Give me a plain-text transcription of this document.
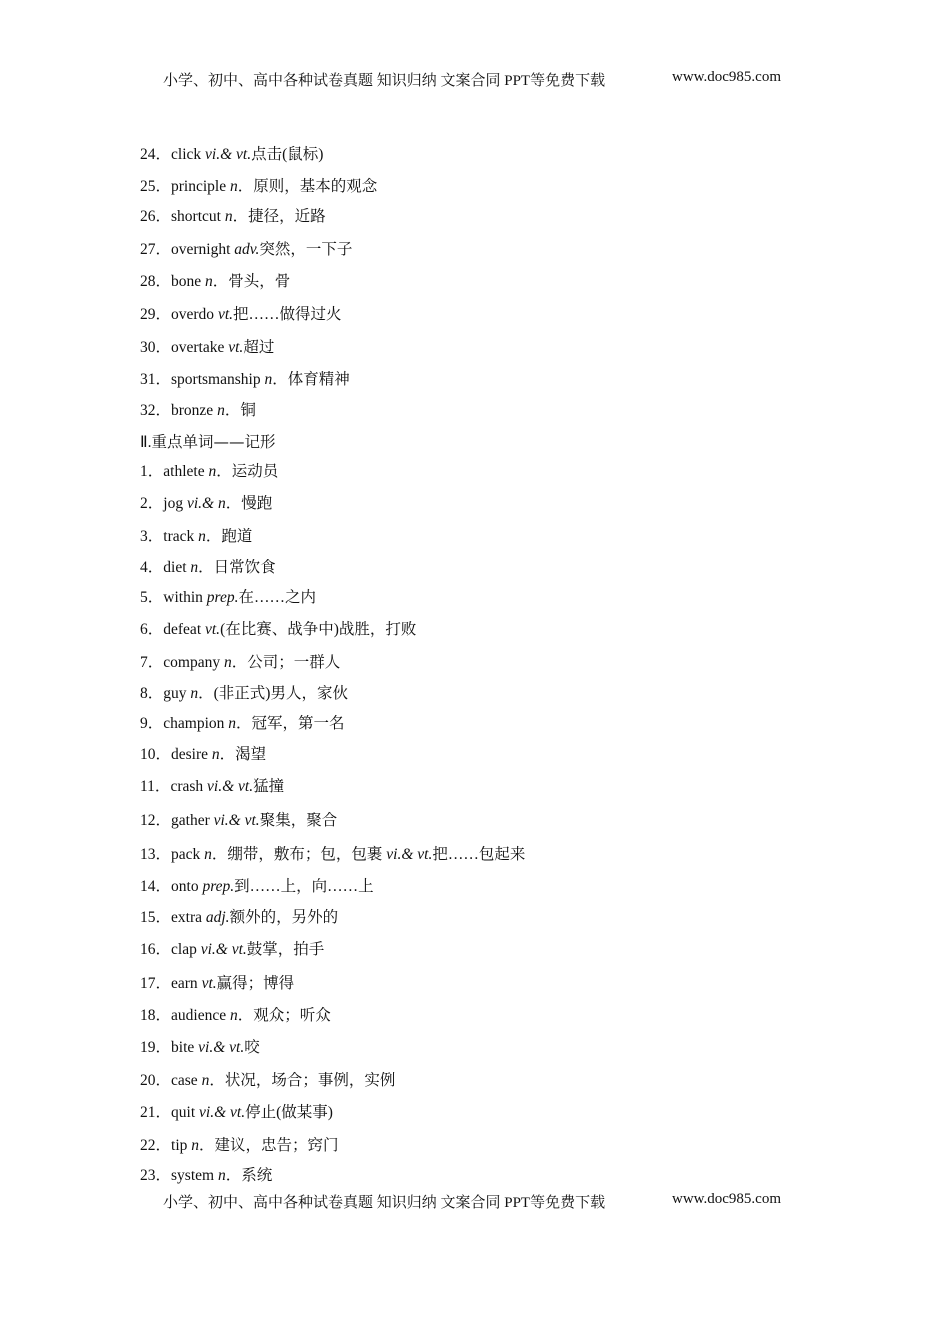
小学、初中、高中各种试卷真题 知识归纳 文案合同 PPT等免费下载	www.doc985.com
24．click vi.& vt.点击(鼠标)
25．principle n．原则，基本的观念
26．shortcut n．捷径，近路
27．overnight adv.突然，一下子
28．bone n．骨头，骨
29．overdo vt.把……做得过火
30．overtake vt.超过
31．sportsmanship n．体育精神
32．bronze n．铜
Ⅱ.重点单词——记形
1．athlete n．运动员
2．jog vi.& n．慢跑
3．track n．跑道
4．diet n．日常饮食
5．within prep.在……之内
6．defeat vt.(在比赛、战争中)战胜，打败
7．company n．公司；一群人
8．guy n．(非正式)男人，家伙
9．champion n．冠军，第一名
10．desire n．渴望
11．crash vi.& vt.猛撞
12．gather vi.& vt.聚集，聚合
13．pack n．绷带，敷布；包，包裹 vi.& vt.把……包起来
14．onto prep.到……上，向……上
15．extra adj.额外的，另外的
16．clap vi.& vt.鼓掌，拍手
17．earn vt.赢得；博得
18．audience n．观众；听众
19．bite vi.& vt.咬
20．case n．状况，场合；事例，实例
21．quit vi.& vt.停止(做某事)
22．tip n．建议，忠告；窍门
23．system n．系统
小学、初中、高中各种试卷真题 知识归纳 文案合同 PPT等免费下载	www.doc985.com
